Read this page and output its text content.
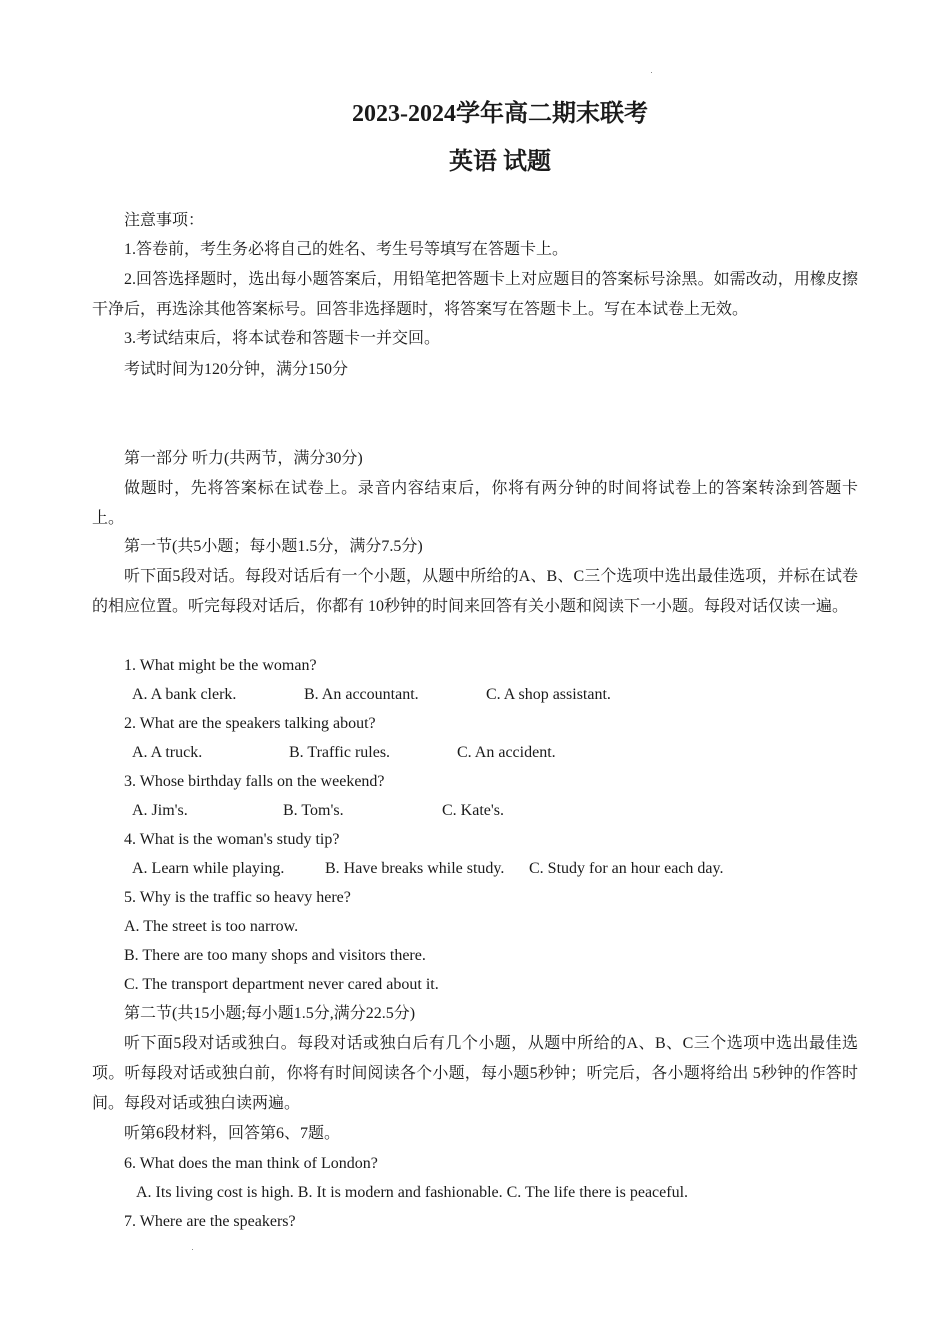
2023-2024学年高二期末联考
英语 试题
注意事项：
1.答卷前，考生务必将自己的姓名、考生号等填写在答题卡上。
2.回答选择题时，选出每小题答案后，用铅笔把答题卡上对应题目的答案标号涂黑。如需改动，用橡皮擦干净后，再选涂其他答案标号。回答非选择题时，将答案写在答题卡上。写在本试卷上无效。
3.考试结束后，将本试卷和答题卡一并交回。
考试时间为120分钟，满分150分
第一部分 听力(共两节，满分30分)
做题时，先将答案标在试卷上。录音内容结束后，你将有两分钟的时间将试卷上的答案转涂到答题卡上。
第一节(共5小题；每小题1.5分，满分7.5分)
听下面5段对话。每段对话后有一个小题，从题中所给的A、B、C三个选项中选出最佳选项，并标在试卷的相应位置。听完每段对话后，你都有 10秒钟的时间来回答有关小题和阅读下一小题。每段对话仅读一遍。
1. What might be the woman?
A. A bank clerk.	B. An accountant.	C. A shop assistant.
2. What are the speakers talking about?
A. A truck.	B. Traffic rules.	C. An accident.
3. Whose birthday falls on the weekend?
A. Jim's.	B. Tom's.	C. Kate's.
4. What is the woman's study tip?
A. Learn while playing.	B. Have breaks while study. C. Study for an hour each day.
5. Why is the traffic so heavy here?
A. The street is too narrow.
B. There are too many shops and visitors there.
C. The transport department never cared about it.
第二节(共15小题;每小题1.5分,满分22.5分)
听下面5段对话或独白。每段对话或独白后有几个小题，从题中所给的A、B、C三个选项中选出最佳选项。听每段对话或独白前，你将有时间阅读各个小题，每小题5秒钟；听完后，各小题将给出 5秒钟的作答时间。每段对话或独白读两遍。
听第6段材料，回答第6、7题。
6. What does the man think of London?
A. Its living cost is high. B. It is modern and fashionable. C. The life there is peaceful.
7. Where are the speakers?
